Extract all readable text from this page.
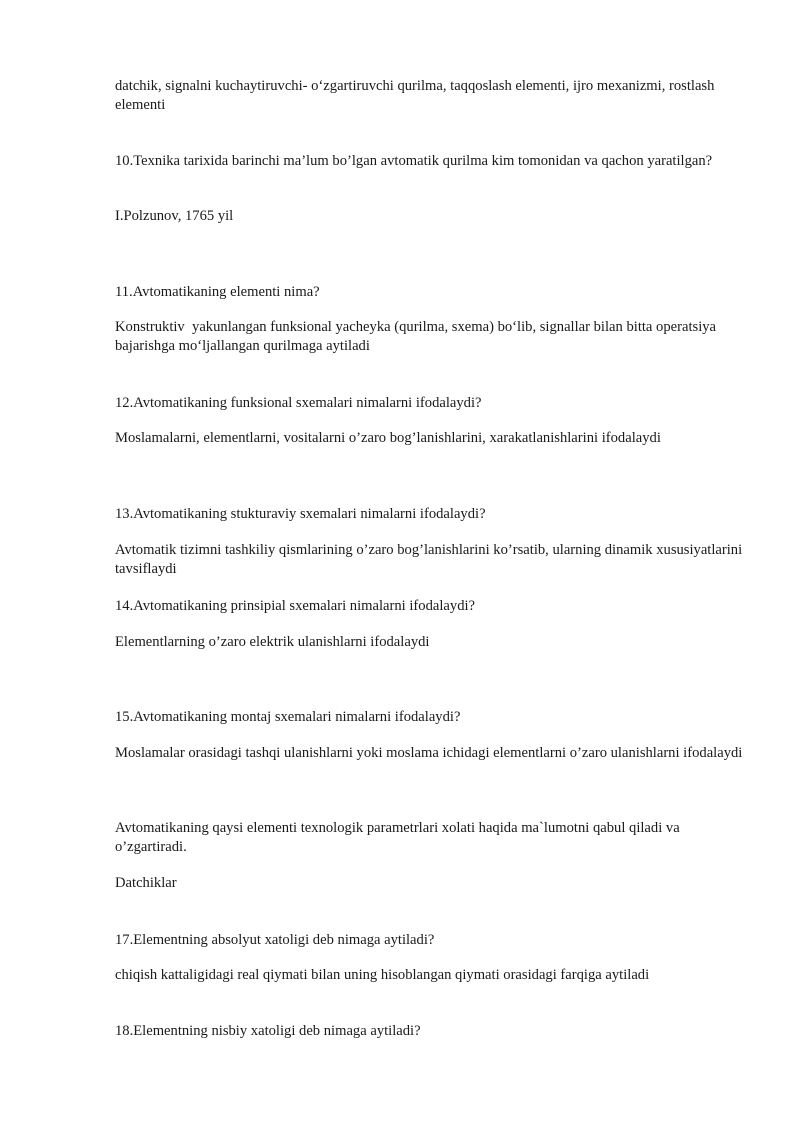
datchik, signalni kuchaytiruvchi- o‘zgartiruvchi qurilma, taqqoslash elementi, ijro mexanizmi, rostlash elementi
10.Texnika tarixida barinchi ma’lum bo’lgan avtomatik qurilma kim tomonidan va qachon yaratilgan?
I.Polzunov, 1765 yil
11.Avtomatikaning elementi nima?
Konstruktiv  yakunlangan funksional yacheyka (qurilma, sxema) bo‘lib, signallar bilan bitta operatsiya bajarishga mo‘ljallangan qurilmaga aytiladi
12.Avtomatikaning funksional sxemalari nimalarni ifodalaydi?
Moslamalarni, elementlarni, vositalarni o’zaro bog’lanishlarini, xarakatlanishlarini ifodalaydi
13.Avtomatikaning stukturaviy sxemalari nimalarni ifodalaydi?
Avtomatik tizimni tashkiliy qismlarining o’zaro bog’lanishlarini ko’rsatib, ularning dinamik xususiyatlarini tavsiflaydi
14.Avtomatikaning prinsipial sxemalari nimalarni ifodalaydi?
Elementlarning o’zaro elektrik ulanishlarni ifodalaydi
15.Avtomatikaning montaj sxemalari nimalarni ifodalaydi?
Moslamalar orasidagi tashqi ulanishlarni yoki moslama ichidagi elementlarni o’zaro ulanishlarni ifodalaydi
Avtomatikaning qaysi elementi texnologik parametrlari xolati haqida ma`lumotni qabul qiladi va o’zgartiradi.
Datchiklar
17.Elementning absolyut xatoligi deb nimaga aytiladi?
chiqish kattaligidagi real qiymati bilan uning hisoblangan qiymati orasidagi farqiga aytiladi
18.Elementning nisbiy xatoligi deb nimaga aytiladi?
